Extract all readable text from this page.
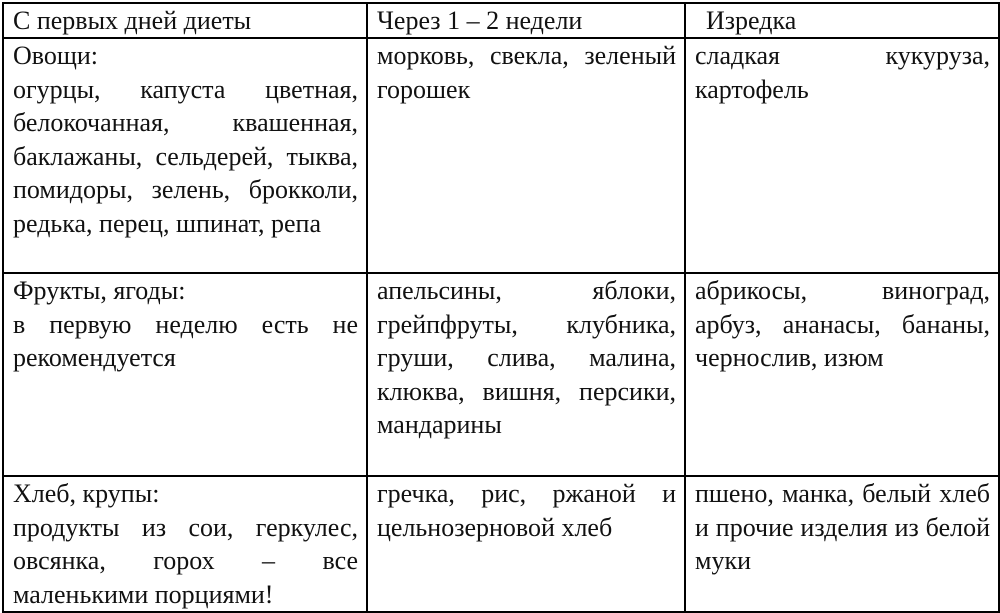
С первых дней диеты	Через 1 – 2 недели	Изредка

Овощи:
огурцы, капуста цветная, белокочанная, квашенная, баклажаны, сельдерей, тыква, помидоры, зелень, брокколи, редька, перец, шпинат, репа	морковь, свекла, зеленый горошек	сладкая кукуруза, картофель

Фрукты, ягоды:
в первую неделю есть не рекомендуется	апельсины, яблоки, грейпфруты, клубника, груши, слива, малина, клюква, вишня, персики, мандарины	абрикосы, виноград, арбуз, ананасы, бананы, чернослив, изюм

Хлеб, крупы:
продукты из сои, геркулес, овсянка, горох – все маленькими порциями!	гречка, рис, ржаной и цельнозерновой хлеб	пшено, манка, белый хлеб и прочие изделия из белой муки
